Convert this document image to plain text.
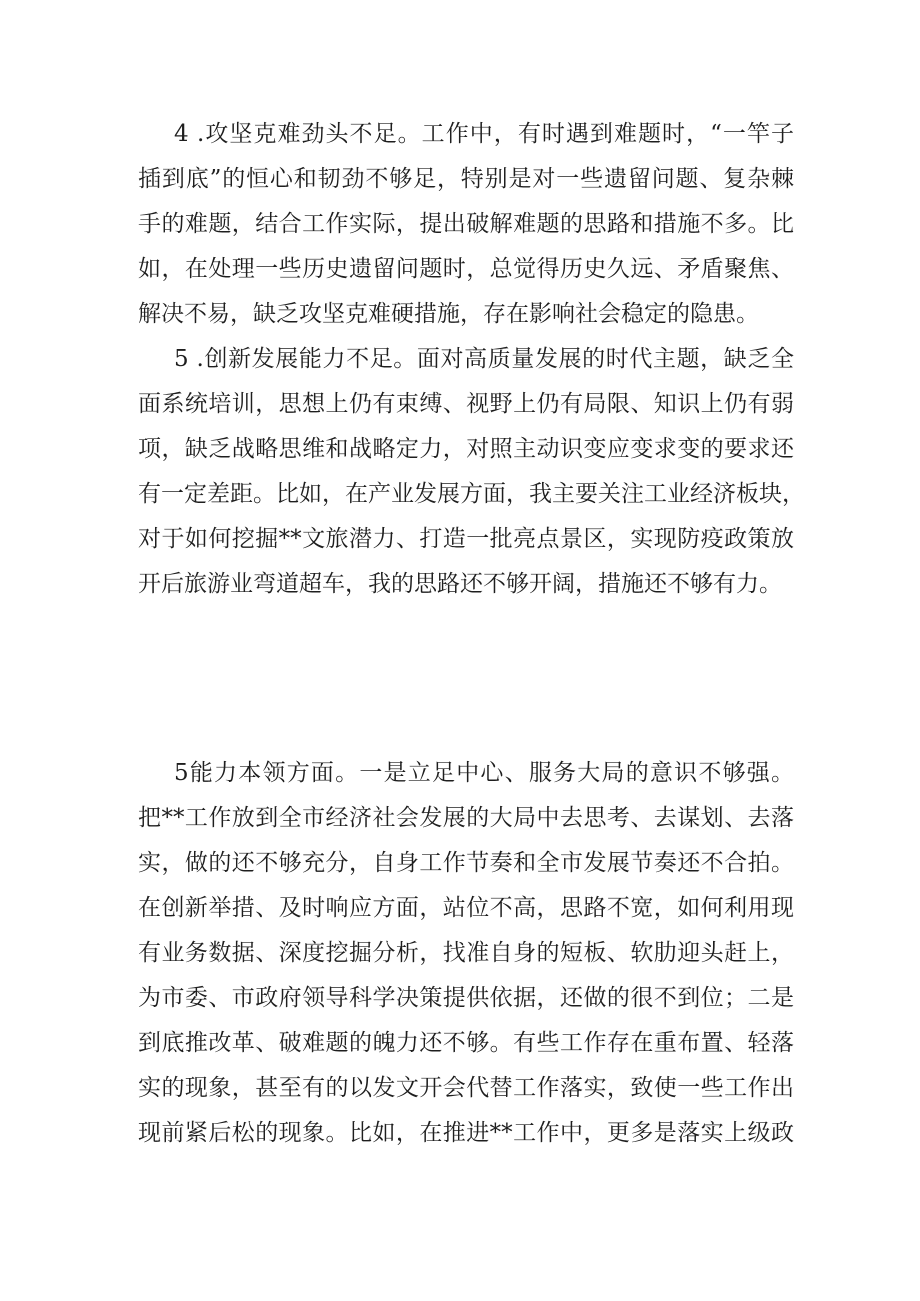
4 .攻坚克难劲头不足。工作中，有时遇到难题时，“一竿子
插到底”的恒心和韧劲不够足，特别是对一些遗留问题、复杂棘
手的难题，结合工作实际，提出破解难题的思路和措施不多。比
如，在处理一些历史遗留问题时，总觉得历史久远、矛盾聚焦、
解决不易，缺乏攻坚克难硬措施，存在影响社会稳定的隐患。

5 .创新发展能力不足。面对高质量发展的时代主题，缺乏全
面系统培训，思想上仍有束缚、视野上仍有局限、知识上仍有弱
项，缺乏战略思维和战略定力，对照主动识变应变求变的要求还
有一定差距。比如，在产业发展方面，我主要关注工业经济板块，
对于如何挖掘**文旅潜力、打造一批亮点景区，实现防疫政策放
开后旅游业弯道超车，我的思路还不够开阔，措施还不够有力。

5能力本领方面。一是立足中心、服务大局的意识不够强。
把**工作放到全市经济社会发展的大局中去思考、去谋划、去落
实，做的还不够充分，自身工作节奏和全市发展节奏还不合拍。
在创新举措、及时响应方面，站位不高，思路不宽，如何利用现
有业务数据、深度挖掘分析，找准自身的短板、软肋迎头赶上，
为市委、市政府领导科学决策提供依据，还做的很不到位；二是
到底推改革、破难题的魄力还不够。有些工作存在重布置、轻落
实的现象，甚至有的以发文开会代替工作落实，致使一些工作出
现前紧后松的现象。比如，在推进**工作中，更多是落实上级政
